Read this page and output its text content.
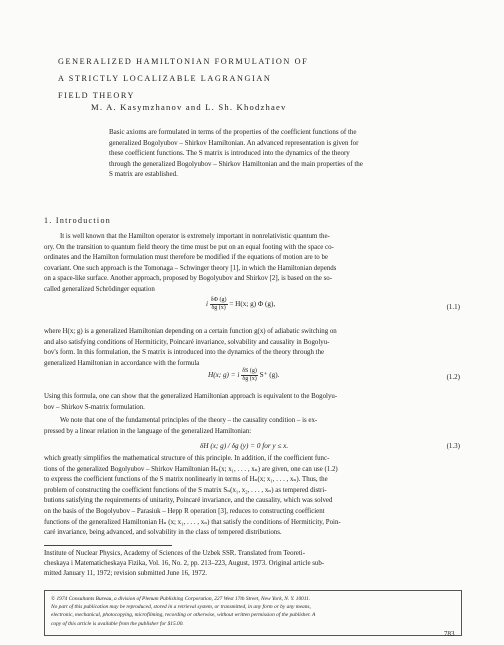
GENERALIZED HAMILTONIAN FORMULATION OF
A STRICTLY LOCALIZABLE LAGRANGIAN
FIELD THEORY
M. A. Kasymzhanov and L. Sh. Khodzhaev
Basic axioms are formulated in terms of the properties of the coefficient functions of the
generalized Bogolyubov – Shirkov Hamiltonian. An advanced representation is given for
these coefficient functions. The S matrix is introduced into the dynamics of the theory
through the generalized Bogolyubov – Shirkov Hamiltonian and the main properties of the
S matrix are established.
1. Introduction
It is well known that the Hamilton operator is extremely important in nonrelativistic quantum the-
ory. On the transition to quantum field theory the time must be put on an equal footing with the space co-
ordinates and the Hamilton formulation must therefore be modified if the equations of motion are to be
covariant. One such approach is the Tomonaga – Schwinger theory [1], in which the Hamiltonian depends
on a space-like surface. Another approach, proposed by Bogolyubov and Shirkov [2], is based on the so-
called generalized Schrödinger equation
i $\frac{\delta\Phi (g)}{\delta g (x)} = H(x$; g) Φ (g),	(1.1)
where H(x; g) is a generalized Hamiltonian depending on a certain function g(x) of adiabatic switching on
and also satisfying conditions of Hermiticity, Poincaré invariance, solvability and causality in Bogolyu-
bov's form. In this formulation, the S matrix is introduced into the dynamics of the theory through the
generalized Hamiltonian in accordance with the formula
H(x; g) = i $\frac{\delta S (g)}{\delta g (x)} S^+$ (g).	(1.2)
Using this formula, one can show that the generalized Hamiltonian approach is equivalent to the Bogolyu-
bov – Shirkov S-matrix formulation.
We note that one of the fundamental principles of the theory – the causality condition – is ex-
pressed by a linear relation in the language of the generalized Hamiltonian:
δH (x; g) / δg (y) = 0 for y ≤ x.	(1.3)
which greatly simplifies the mathematical structure of this principle. In addition, if the coefficient func-
tions of the generalized Bogolyubov – Shirkov Hamiltonian Hₙ(x; x₁, . . . , xₙ) are given, one can use (1.2)
to express the coefficient functions of the S matrix nonlinearly in terms of Hₙ(x; x₁, . . . , xₙ). Thus, the
problem of constructing the coefficient functions of the S matrix Sₙ(x₁, x₂, . . . , xₙ) as tempered distri-
butions satisfying the requirements of unitarity, Poincaré invariance, and the causality, which was solved
on the basis of the Bogolyubov – Parasiuk – Hepp R operation [3], reduces to constructing coefficient
functions of the generalized Hamiltonian Hₙ (x; x₁, . . . , xₙ) that satisfy the conditions of Hermiticity, Poin-
caré invariance, being advanced, and solvability in the class of tempered distributions.
Institute of Nuclear Physics, Academy of Sciences of the Uzbek SSR. Translated from Teoreti-
cheskaya i Matematicheskaya Fizika, Vol. 16, No. 2, pp. 213–223, August, 1973. Original article sub-
mitted January 11, 1972; revision submitted June 16, 1972.
© 1974 Consultants Bureau, a division of Plenum Publishing Corporation, 227 West 17th Street, New York, N. Y. 10011.
No part of this publication may be reproduced, stored in a retrieval system, or transmitted, in any form or by any means,
electronic, mechanical, photocopying, microfilming, recording or otherwise, without written permission of the publisher. A
copy of this article is available from the publisher for $15.00.
783
